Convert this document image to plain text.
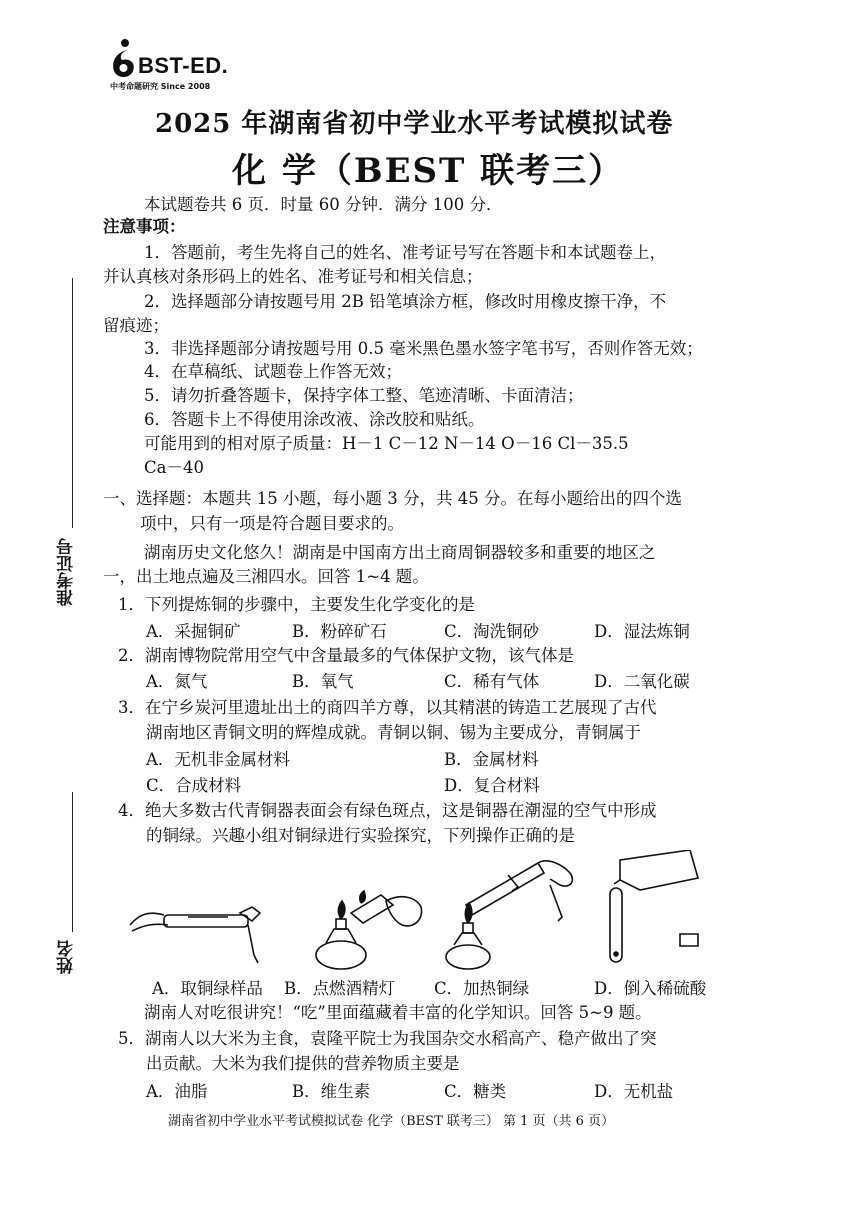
BST-ED.
中考命题研究 Since 2008
2025 年湖南省初中学业水平考试模拟试卷
化 学（BEST 联考三）
准考证号
姓名
本试题卷共 6 页．时量 60 分钟．满分 100 分．
注意事项：
1．答题前，考生先将自己的姓名、准考证号写在答题卡和本试题卷上，
并认真核对条形码上的姓名、准考证号和相关信息；
2．选择题部分请按题号用 2B 铅笔填涂方框，修改时用橡皮擦干净，不
留痕迹；
3．非选择题部分请按题号用 0.5 毫米黑色墨水签字笔书写，否则作答无效；
4．在草稿纸、试题卷上作答无效；
5．请勿折叠答题卡，保持字体工整、笔迹清晰、卡面清洁；
6．答题卡上不得使用涂改液、涂改胶和贴纸。
可能用到的相对原子质量：H－1 C－12 N－14 O－16 Cl－35.5
Ca－40
一、选择题：本题共 15 小题，每小题 3 分，共 45 分。在每小题给出的四个选
项中，只有一项是符合题目要求的。
湖南历史文化悠久！湖南是中国南方出土商周铜器较多和重要的地区之
一，出土地点遍及三湘四水。回答 1~4 题。
1．下列提炼铜的步骤中，主要发生化学变化的是
A．采掘铜矿	B．粉碎矿石	C．淘洗铜砂	D．湿法炼铜
2．湖南博物院常用空气中含量最多的气体保护文物，该气体是
A．氮气	B．氧气	C．稀有气体	D．二氧化碳
3．在宁乡炭河里遗址出土的商四羊方尊，以其精湛的铸造工艺展现了古代
湖南地区青铜文明的辉煌成就。青铜以铜、锡为主要成分，青铜属于
A．无机非金属材料	B．金属材料
C．合成材料	D．复合材料
4．绝大多数古代青铜器表面会有绿色斑点，这是铜器在潮湿的空气中形成
的铜绿。兴趣小组对铜绿进行实验探究，下列操作正确的是
A．取铜绿样品 B．点燃酒精灯 C．加热铜绿	D．倒入稀硫酸
湖南人对吃很讲究！“吃”里面蕴藏着丰富的化学知识。回答 5~9 题。
5．湖南人以大米为主食，袁隆平院士为我国杂交水稻高产、稳产做出了突
出贡献。大米为我们提供的营养物质主要是
A．油脂	B．维生素	C．糖类	D．无机盐
湖南省初中学业水平考试模拟试卷 化学（BEST 联考三） 第 1 页（共 6 页）
